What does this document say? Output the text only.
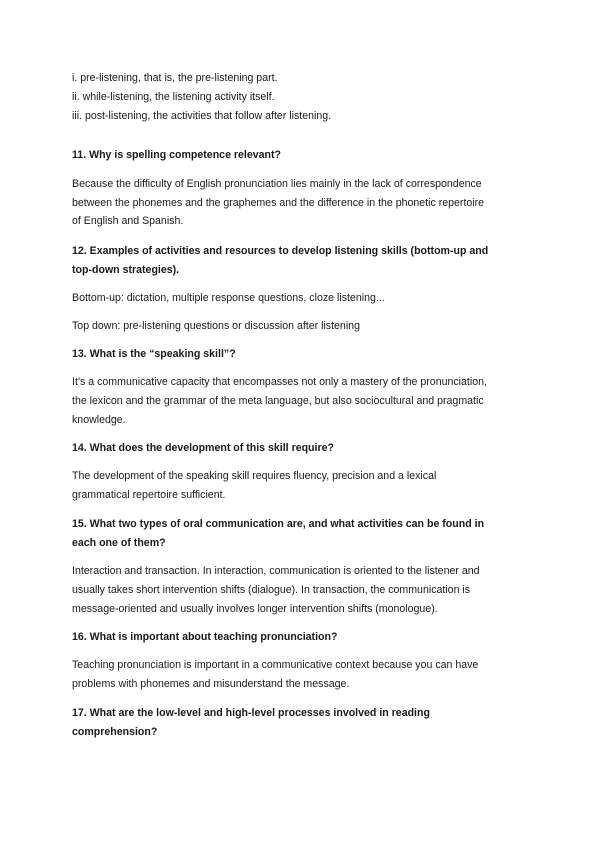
i. pre-listening, that is, the pre-listening part.
ii. while-listening, the listening activity itself.
iii. post-listening, the activities that follow after listening.
11. Why is spelling competence relevant?
Because the difficulty of English pronunciation lies mainly in the lack of correspondence
between the phonemes and the graphemes and the difference in the phonetic repertoire
of English and Spanish.
12. Examples of activities and resources to develop listening skills (bottom-up and
top-down strategies).
Bottom-up: dictation, multiple response questions, cloze listening...
Top down: pre-listening questions or discussion after listening
13. What is the “speaking skill”?
It’s a communicative capacity that encompasses not only a mastery of the pronunciation,
the lexicon and the grammar of the meta language, but also sociocultural and pragmatic
knowledge.
14. What does the development of this skill require?
The development of the speaking skill requires fluency, precision and a lexical
grammatical repertoire sufficient.
15. What two types of oral communication are, and what activities can be found in
each one of them?
Interaction and transaction. In interaction, communication is oriented to the listener and
usually takes short intervention shifts (dialogue). In transaction, the communication is
message-oriented and usually involves longer intervention shifts (monologue).
16. What is important about teaching pronunciation?
Teaching pronunciation is important in a communicative context because you can have
problems with phonemes and misunderstand the message.
17. What are the low-level and high-level processes involved in reading
comprehension?
